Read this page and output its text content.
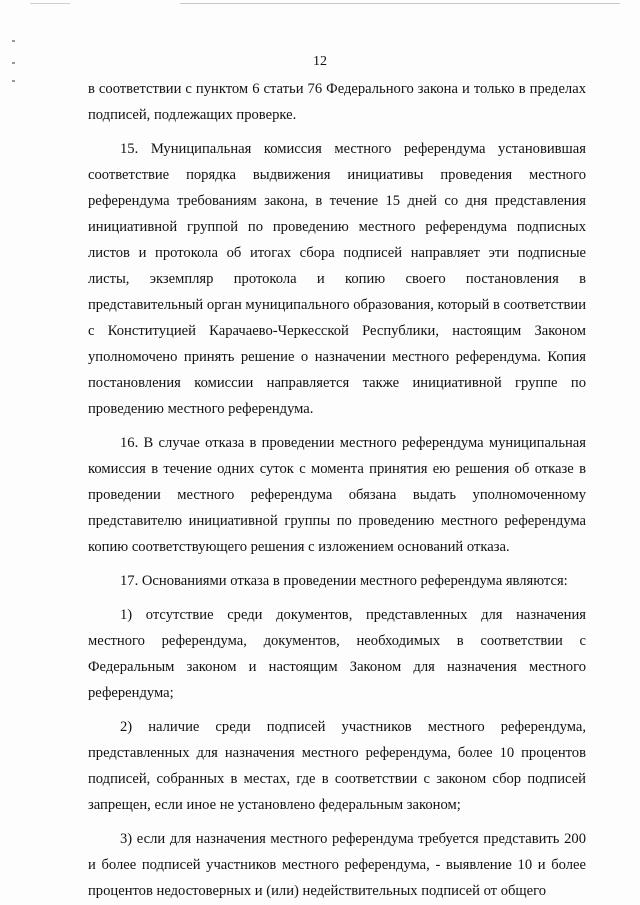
12

в соответствии с пунктом 6 статьи 76 Федерального закона и только в пределах подписей, подлежащих проверке.

15. Муниципальная комиссия местного референдума установившая соответствие порядка выдвижения инициативы проведения местного референдума требованиям закона, в течение 15 дней со дня представления инициативной группой по проведению местного референдума подписных листов и протокола об итогах сбора подписей направляет эти подписные листы, экземпляр протокола и копию своего постановления в представительный орган муниципального образования, который в соответствии с Конституцией Карачаево-Черкесской Республики, настоящим Законом уполномочено принять решение о назначении местного референдума. Копия постановления комиссии направляется также инициативной группе по проведению местного референдума.

16. В случае отказа в проведении местного референдума муниципальная комиссия в течение одних суток с момента принятия ею решения об отказе в проведении местного референдума обязана выдать уполномоченному представителю инициативной группы по проведению местного референдума копию соответствующего решения с изложением оснований отказа.

17. Основаниями отказа в проведении местного референдума являются:

1) отсутствие среди документов, представленных для назначения местного референдума, документов, необходимых в соответствии с Федеральным законом и настоящим Законом для назначения местного референдума;

2) наличие среди подписей участников местного референдума, представленных для назначения местного референдума, более 10 процентов подписей, собранных в местах, где в соответствии с законом сбор подписей запрещен, если иное не установлено федеральным законом;

3) если для назначения местного референдума требуется представить 200 и более подписей участников местного референдума, - выявление 10 и более процентов недостоверных и (или) недействительных подписей от общего
